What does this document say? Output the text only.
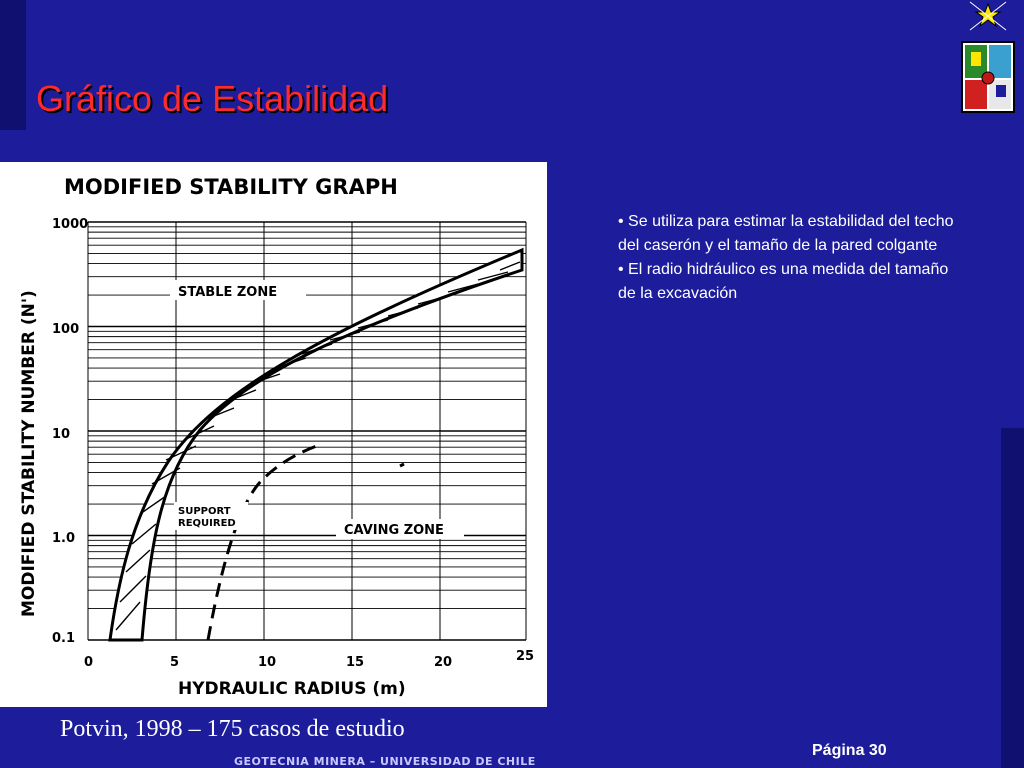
Gráfico de Estabilidad
MODIFIED STABILITY GRAPH
MODIFIED STABILITY NUMBER (N')
HYDRAULIC RADIUS (m)
1000
100
10
1.0
0.1
0	5	10	15	20	25
STABLE ZONE
SUPPORT
REQUIRED	CAVING ZONE

• Se utiliza para estimar la estabilidad del techo del caserón y el tamaño de la pared colgante

• El radio hidráulico es una medida del tamaño de la excavación

Potvin, 1998 – 175 casos de estudio
Página 30
GEOTECNIA MINERA – UNIVERSIDAD DE CHILE
